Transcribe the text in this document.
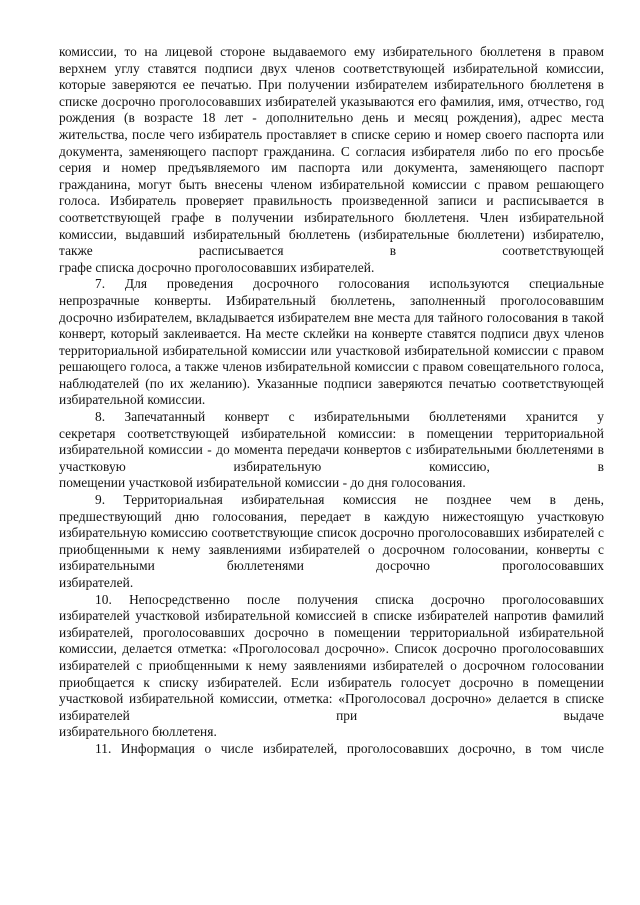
комиссии, то на лицевой стороне выдаваемого ему избирательного бюллетеня в правом верхнем углу ставятся подписи двух членов соответствующей избирательной комиссии, которые заверяются ее печатью. При получении избирателем избирательного бюллетеня в списке досрочно проголосовавших избирателей указываются его фамилия, имя, отчество, год рождения (в возрасте 18 лет - дополнительно день и месяц рождения), адрес места жительства, после чего избиратель проставляет в списке серию и номер своего паспорта или документа, заменяющего паспорт гражданина. С согласия избирателя либо по его просьбе серия и номер предъявляемого им паспорта или документа, заменяющего паспорт гражданина, могут быть внесены членом избирательной комиссии с правом решающего голоса. Избиратель проверяет правильность произведенной записи и расписывается в соответствующей графе в получении избирательного бюллетеня. Член избирательной комиссии, выдавший избирательный бюллетень (избирательные бюллетени) избирателю, также расписывается в соответствующей

графе списка досрочно проголосовавших избирателей.

7. Для проведения досрочного голосования используются специальные

непрозрачные конверты. Избирательный бюллетень, заполненный проголосовавшим досрочно избирателем, вкладывается избирателем вне места для тайного голосования в такой конверт, который заклеивается. На месте склейки на конверте ставятся подписи двух членов территориальной избирательной комиссии или участковой избирательной комиссии с правом решающего голоса, а также членов избирательной комиссии с правом совещательного голоса, наблюдателей (по их желанию). Указанные подписи заверяются печатью соответствующей

избирательной комиссии.

8. Запечатанный конверт с избирательными бюллетенями хранится у

секретаря соответствующей избирательной комиссии: в помещении территориальной избирательной комиссии - до момента передачи конвертов с избирательными бюллетенями в участковую избирательную комиссию, в

помещении участковой избирательной комиссии - до дня голосования.

9. Территориальная избирательная комиссия не позднее чем в день,

предшествующий дню голосования, передает в каждую нижестоящую участковую избирательную комиссию соответствующие список досрочно проголосовавших избирателей с приобщенными к нему заявлениями избирателей о досрочном голосовании, конверты с избирательными бюллетенями досрочно проголосовавших

избирателей.

10. Непосредственно после получения списка досрочно проголосовавших

избирателей участковой избирательной комиссией в списке избирателей напротив фамилий избирателей, проголосовавших досрочно в помещении территориальной избирательной комиссии, делается отметка: «Проголосовал досрочно». Список досрочно проголосовавших избирателей с приобщенными к нему заявлениями избирателей о досрочном голосовании приобщается к списку избирателей. Если избиратель голосует досрочно в помещении участковой избирательной комиссии, отметка: «Проголосовал досрочно» делается в списке избирателей при выдаче

избирательного бюллетеня.

11. Информация о числе избирателей, проголосовавших досрочно, в том числе
